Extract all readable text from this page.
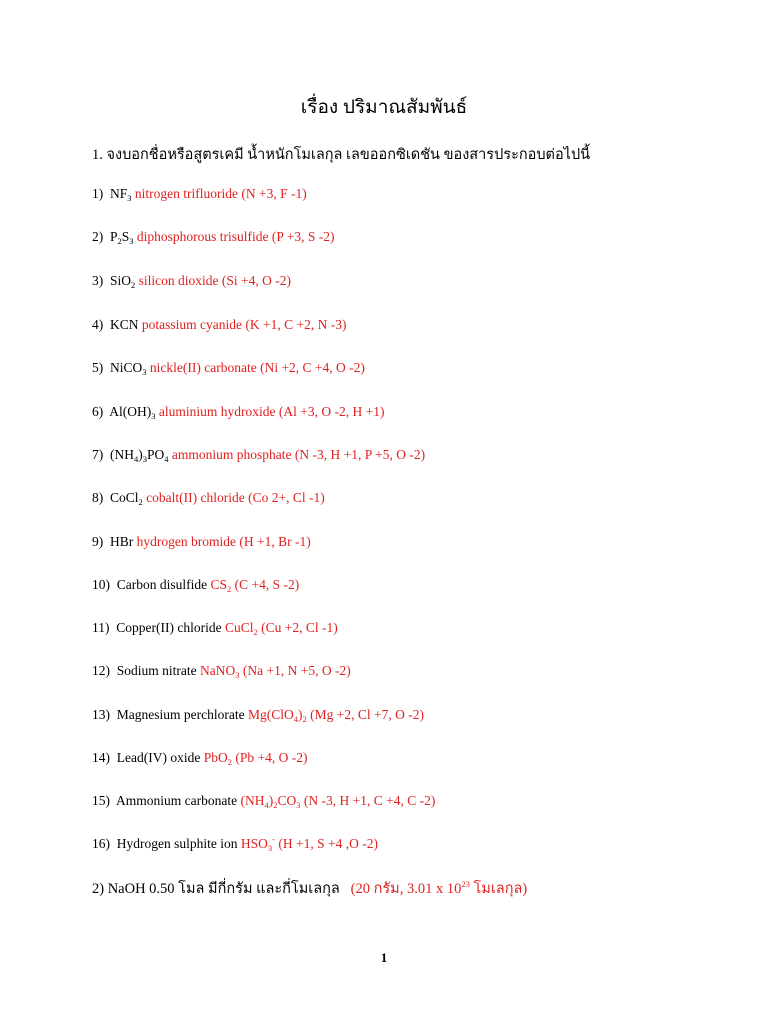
เรื่อง ปริมาณสัมพันธ์
1. จงบอกชื่อหรือสูตรเคมี น้ำหนักโมเลกุล เลขออกซิเดชัน ของสารประกอบต่อไปนี้
1) $NF_3$ nitrogen trifluoride (N +3, F -1)
2) $P_2S_3$ diphosphorous trisulfide (P +3, S -2)
3) SiO$_2$ silicon dioxide (Si +4, O -2)
4) KCN potassium cyanide (K +1, C +2, N -3)
5) NiCO$_3$ nickle(II) carbonate (Ni +2, C +4, O -2)
6) $Al(OH)_3$ aluminium hydroxide (Al +3, O -2, H +1)
7) $(NH_4)_3PO_4$ ammonium phosphate (N -3, H +1, P +5, O -2)
8) CoCl$_2$ cobalt(II) chloride (Co 2+, Cl -1)
9) HBr hydrogen bromide (H +1, Br -1)
10) Carbon disulfide $CS_2$ (C +4, S -2)
11) Copper(II) chloride CuCl$_2$ (Cu +2, Cl -1)
12) Sodium nitrate NaNO$_3$ (Na +1, N +5, O -2)
13) Magnesium perchlorate $Mg(ClO_4)_2$ (Mg +2, Cl +7, O -2)
14) Lead(IV) oxide PbO$_2$ (Pb +4, O -2)
15) Ammonium carbonate $(NH_4)_2CO_3$ (N -3, H +1, C +4, C -2)
16) Hydrogen sulphite ion $HSO_3^-$ (H +1, S +4 ,O -2)
2) NaOH 0.50 โมล มีกี่กรัม และกี่โมเลกุล (20 กรัม, 3.01 x $10^{23}$ โมเลกุล)
1
